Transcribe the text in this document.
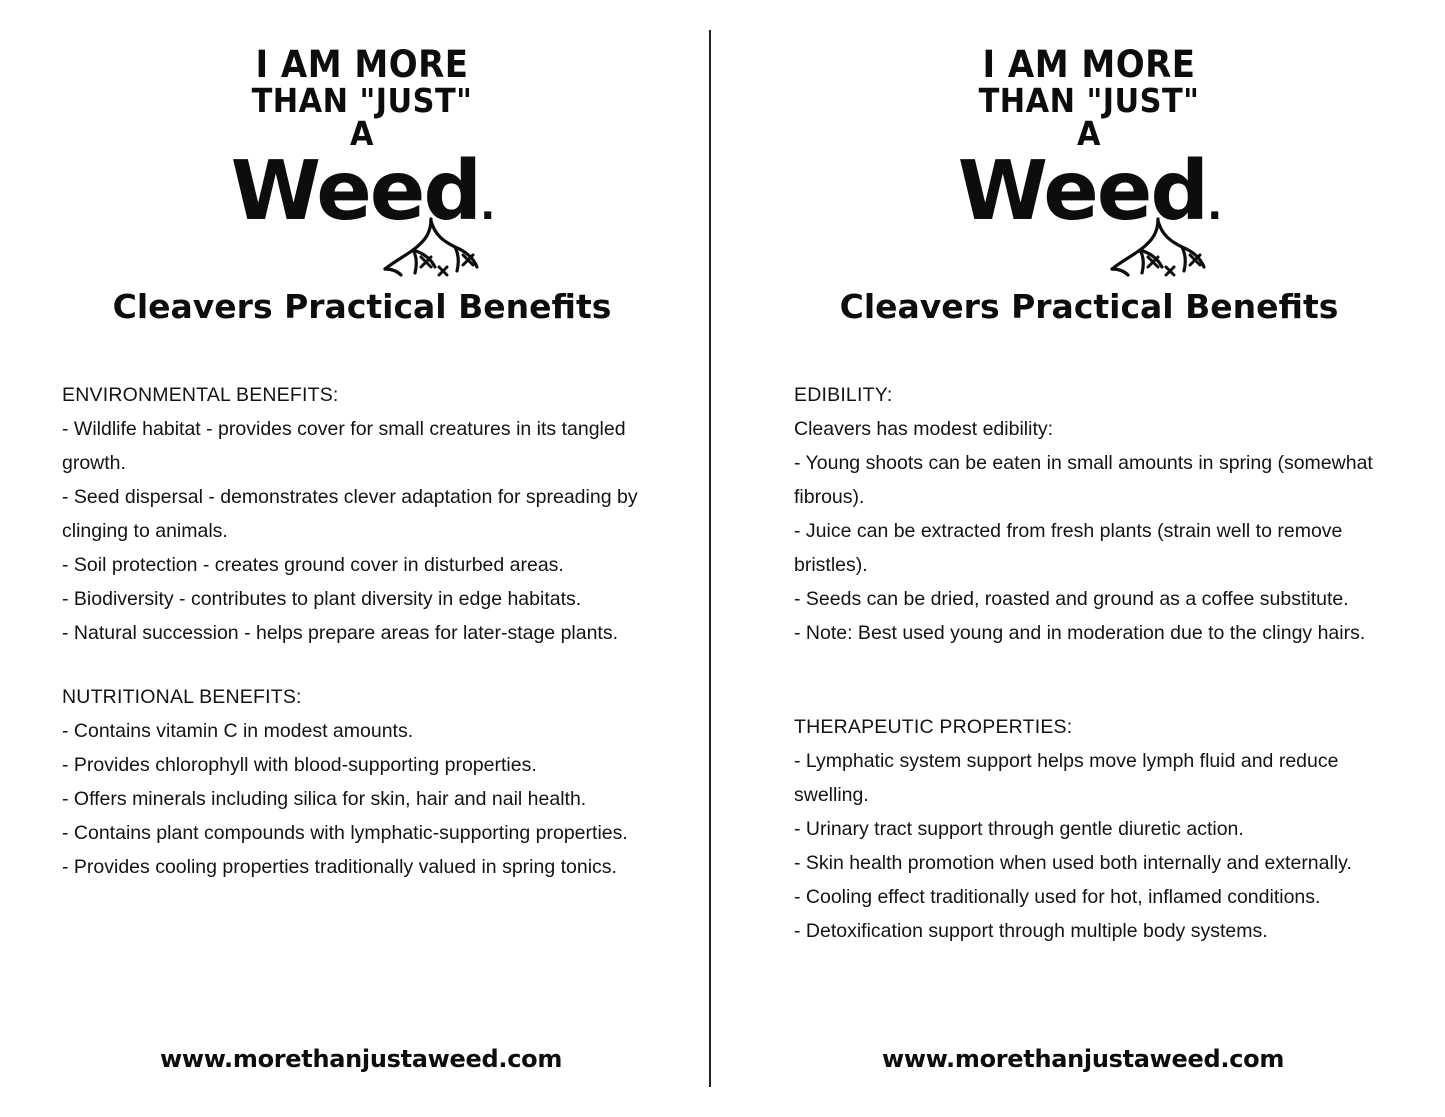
I AM MORE
THAN "JUST" A
Weed.
Cleavers Practical Benefits
ENVIRONMENTAL BENEFITS:
- Wildlife habitat - provides cover for small creatures in its tangled growth.
- Seed dispersal - demonstrates clever adaptation for spreading by clinging to animals.
- Soil protection - creates ground cover in disturbed areas.
- Biodiversity - contributes to plant diversity in edge habitats.
- Natural succession - helps prepare areas for later-stage plants.
NUTRITIONAL BENEFITS:
- Contains vitamin C in modest amounts.
- Provides chlorophyll with blood-supporting properties.
- Offers minerals including silica for skin, hair and nail health.
- Contains plant compounds with lymphatic-supporting properties.
- Provides cooling properties traditionally valued in spring tonics.
www.morethanjustaweed.com
I AM MORE
THAN "JUST" A
Weed.
Cleavers Practical Benefits
EDIBILITY:
Cleavers has modest edibility:
- Young shoots can be eaten in small amounts in spring (somewhat fibrous).
- Juice can be extracted from fresh plants (strain well to remove bristles).
- Seeds can be dried, roasted and ground as a coffee substitute.
- Note: Best used young and in moderation due to the clingy hairs.
THERAPEUTIC PROPERTIES:
- Lymphatic system support helps move lymph fluid and reduce swelling.
- Urinary tract support through gentle diuretic action.
- Skin health promotion when used both internally and externally.
- Cooling effect traditionally used for hot, inflamed conditions.
- Detoxification support through multiple body systems.
www.morethanjustaweed.com
